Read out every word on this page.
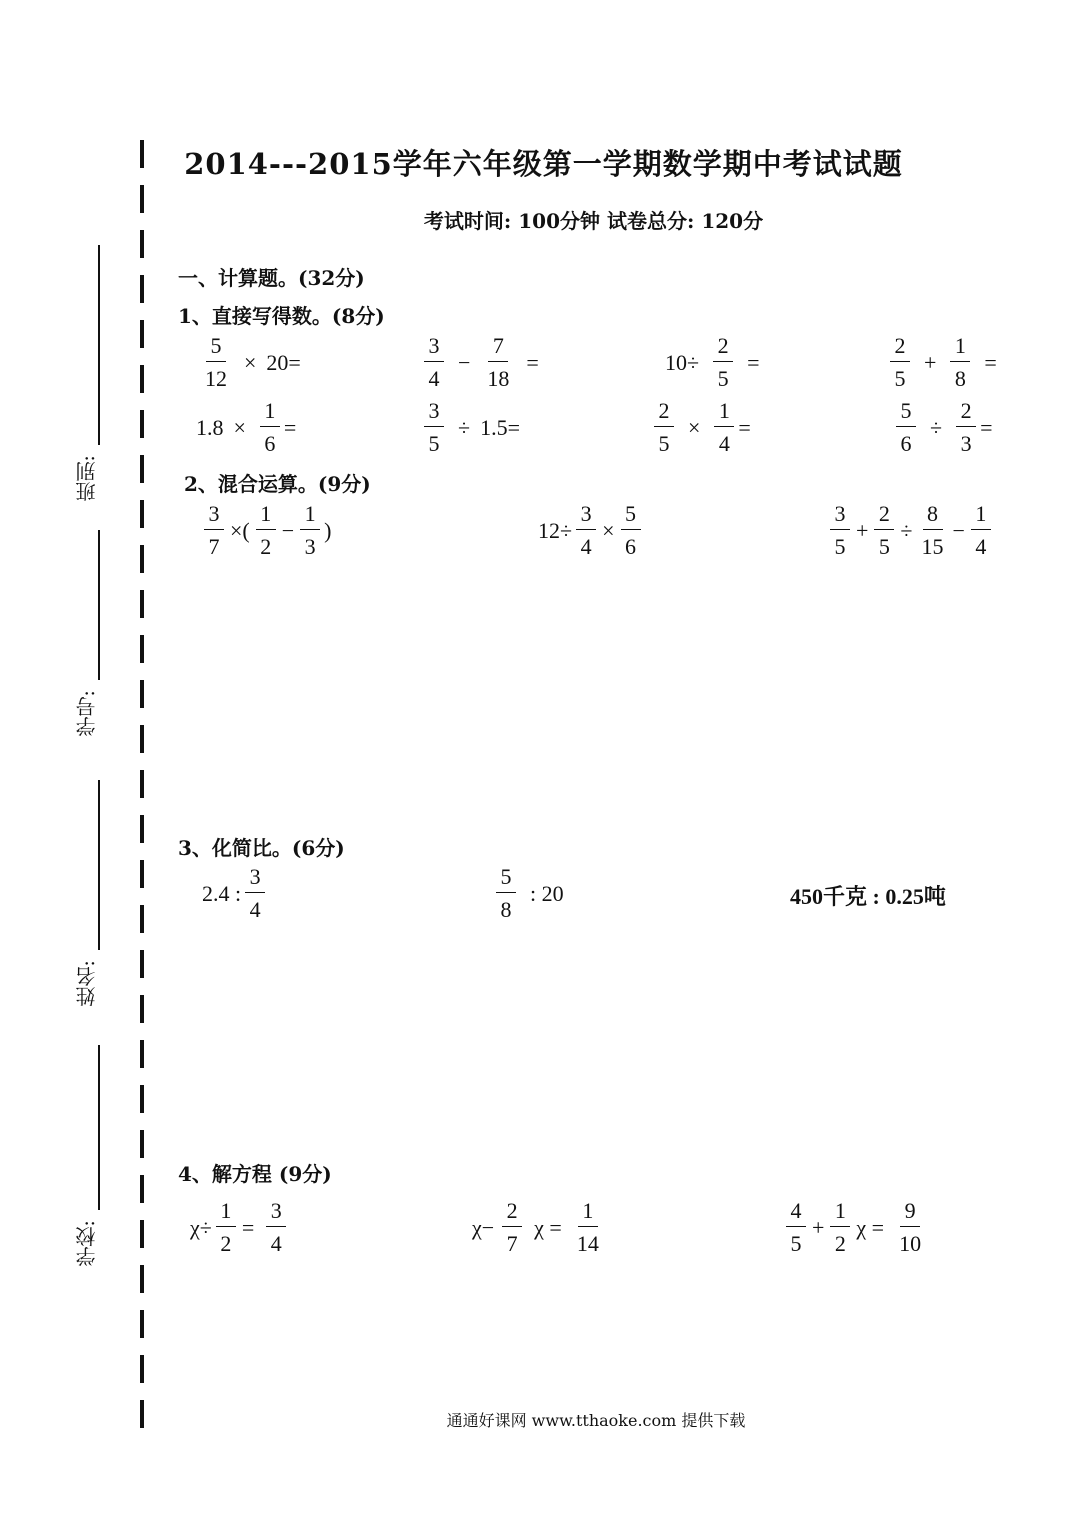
班别:
学号:
姓名:
学校:
2014---2015学年六年级第一学期数学期中考试试题
考试时间: 100分钟 试卷总分: 120分
一、计算题。(32分)
1、直接写得数。(8分)
$\frac{5}{12} \times 20=$	$\frac{3}{4} - \frac{7}{18}$ =	$10\div \frac{2}{5}$ =	$\frac{2}{5} + \frac{1}{8}$ =
$1.8 \times \frac{1}{6}$ =	$\frac{3}{5} \div 1.5=$	$\frac{2}{5} \times \frac{1}{4}$ =	$\frac{5}{6} \div \frac{2}{3}$ =
2、混合运算。(9分)
$\frac{3}{7}$ ×( $\frac{1}{2} - \frac{1}{3}$ )	$12\div \frac{3}{4} \times \frac{5}{6}$	$\frac{3}{5} + \frac{2}{5} \div \frac{8}{15} - \frac{1}{4}$
3、化简比。(6分)
2.4 : $\frac{3}{4}$	$\frac{5}{8}$ : 20	450千克 : 0.25吨
4、解方程 (9分)
$\chi\div \frac{1}{2} = \frac{3}{4}$	$\chi- \frac{2}{7}$ $\chi = \frac{1}{14}$	$\frac{4}{5} + \frac{1}{2}$ $\chi = \frac{9}{10}$
通通好课网 www.tthaoke.com 提供下载
